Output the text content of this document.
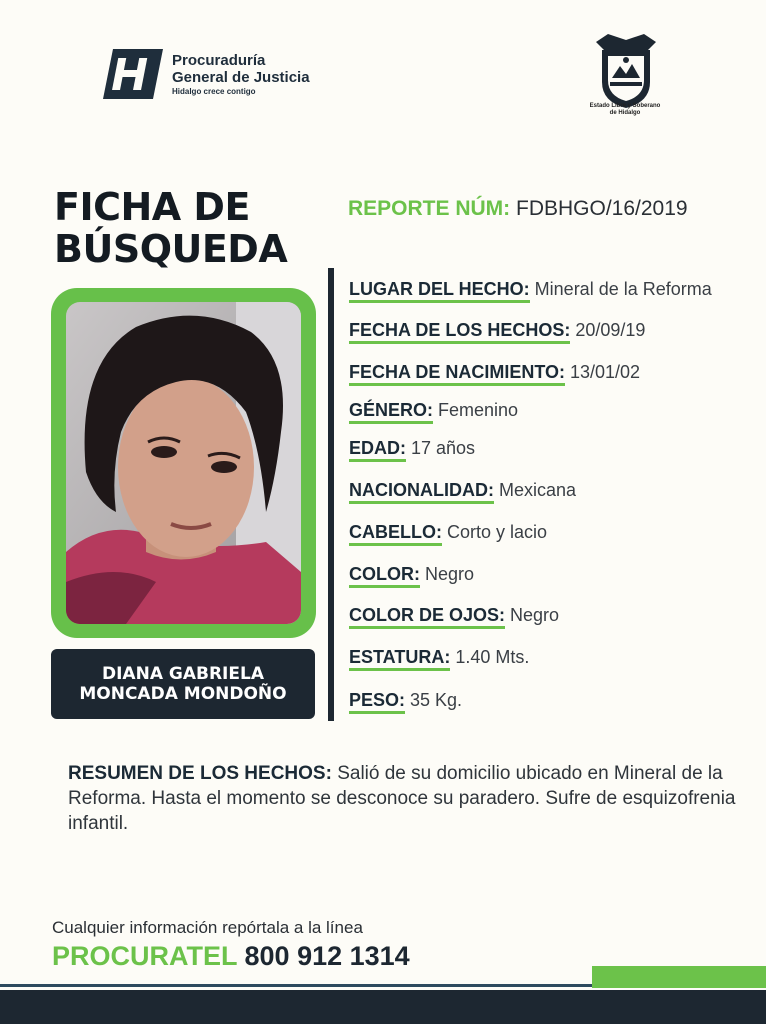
Procuraduría
General de Justicia
Hidalgo crece contigo
Estado Libre y Soberano
de Hidalgo
FICHA DE
BÚSQUEDA
REPORTE NÚM: FDBHGO/16/2019
DIANA GABRIELA
MONCADA MONDOÑO
LUGAR DEL HECHO: Mineral de la Reforma
FECHA DE LOS HECHOS: 20/09/19
FECHA DE NACIMIENTO: 13/01/02
GÉNERO: Femenino
EDAD: 17 años
NACIONALIDAD: Mexicana
CABELLO: Corto y lacio
COLOR: Negro
COLOR DE OJOS: Negro
ESTATURA: 1.40 Mts.
PESO: 35 Kg.
RESUMEN DE LOS HECHOS: Salió de su domicilio ubicado en Mineral de la Reforma. Hasta el momento se desconoce su paradero. Sufre de esquizofrenia infantil.
Cualquier información repórtala a la línea
PROCURATEL 800 912 1314
